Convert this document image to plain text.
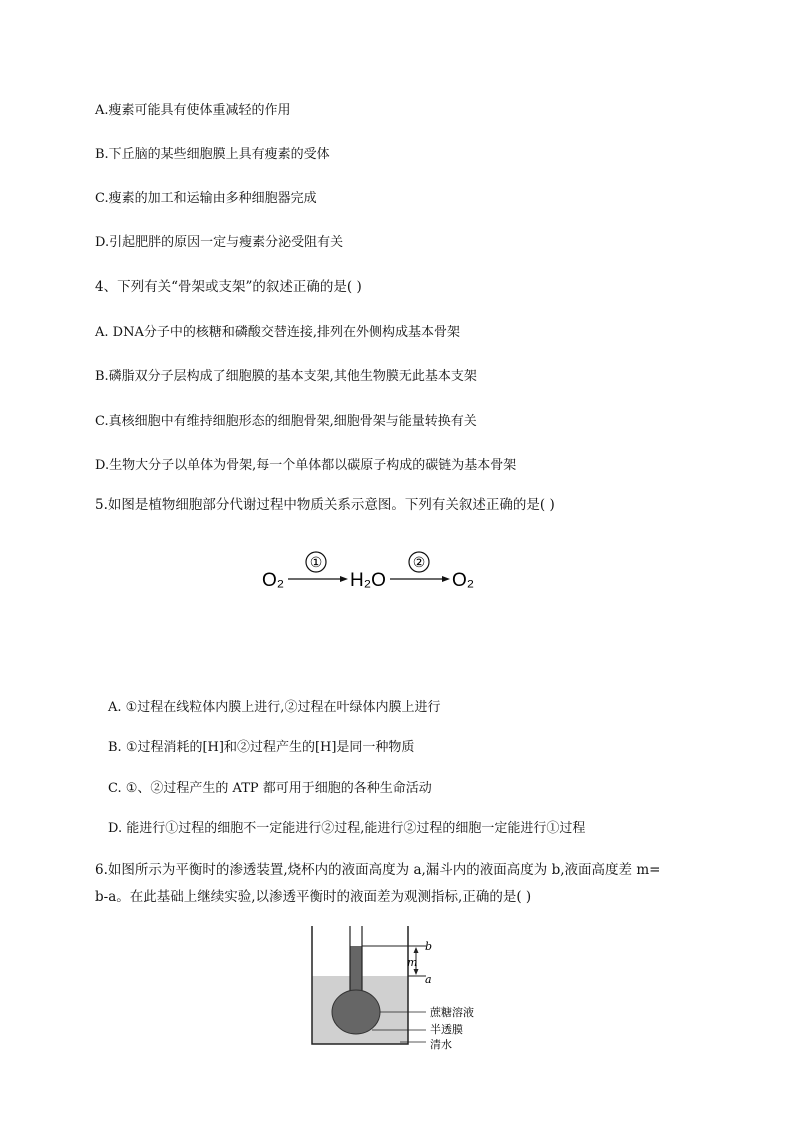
A.瘦素可能具有使体重减轻的作用
B.下丘脑的某些细胞膜上具有瘦素的受体
C.瘦素的加工和运输由多种细胞器完成
D.引起肥胖的原因一定与瘦素分泌受阻有关
4、下列有关“骨架或支架”的叙述正确的是( )
A. DNA分子中的核糖和磷酸交替连接,排列在外侧构成基本骨架
B.磷脂双分子层构成了细胞膜的基本支架,其他生物膜无此基本支架
C.真核细胞中有维持细胞形态的细胞骨架,细胞骨架与能量转换有关
D.生物大分子以单体为骨架,每一个单体都以碳原子构成的碳链为基本骨架
5.如图是植物细胞部分代谢过程中物质关系示意图。下列有关叙述正确的是( )
O₂
①
H₂O
②
O₂
A. ①过程在线粒体内膜上进行,②过程在叶绿体内膜上进行
B. ①过程消耗的[H]和②过程产生的[H]是同一种物质
C. ①、②过程产生的 ATP 都可用于细胞的各种生命活动
D. 能进行①过程的细胞不一定能进行②过程,能进行②过程的细胞一定能进行①过程
6.如图所示为平衡时的渗透装置,烧杯内的液面高度为 a,漏斗内的液面高度为 b,液面高度差 m=
b-a。在此基础上继续实验,以渗透平衡时的液面差为观测指标,正确的是( )
b
m
a
蔗糖溶液
半透膜
清水
